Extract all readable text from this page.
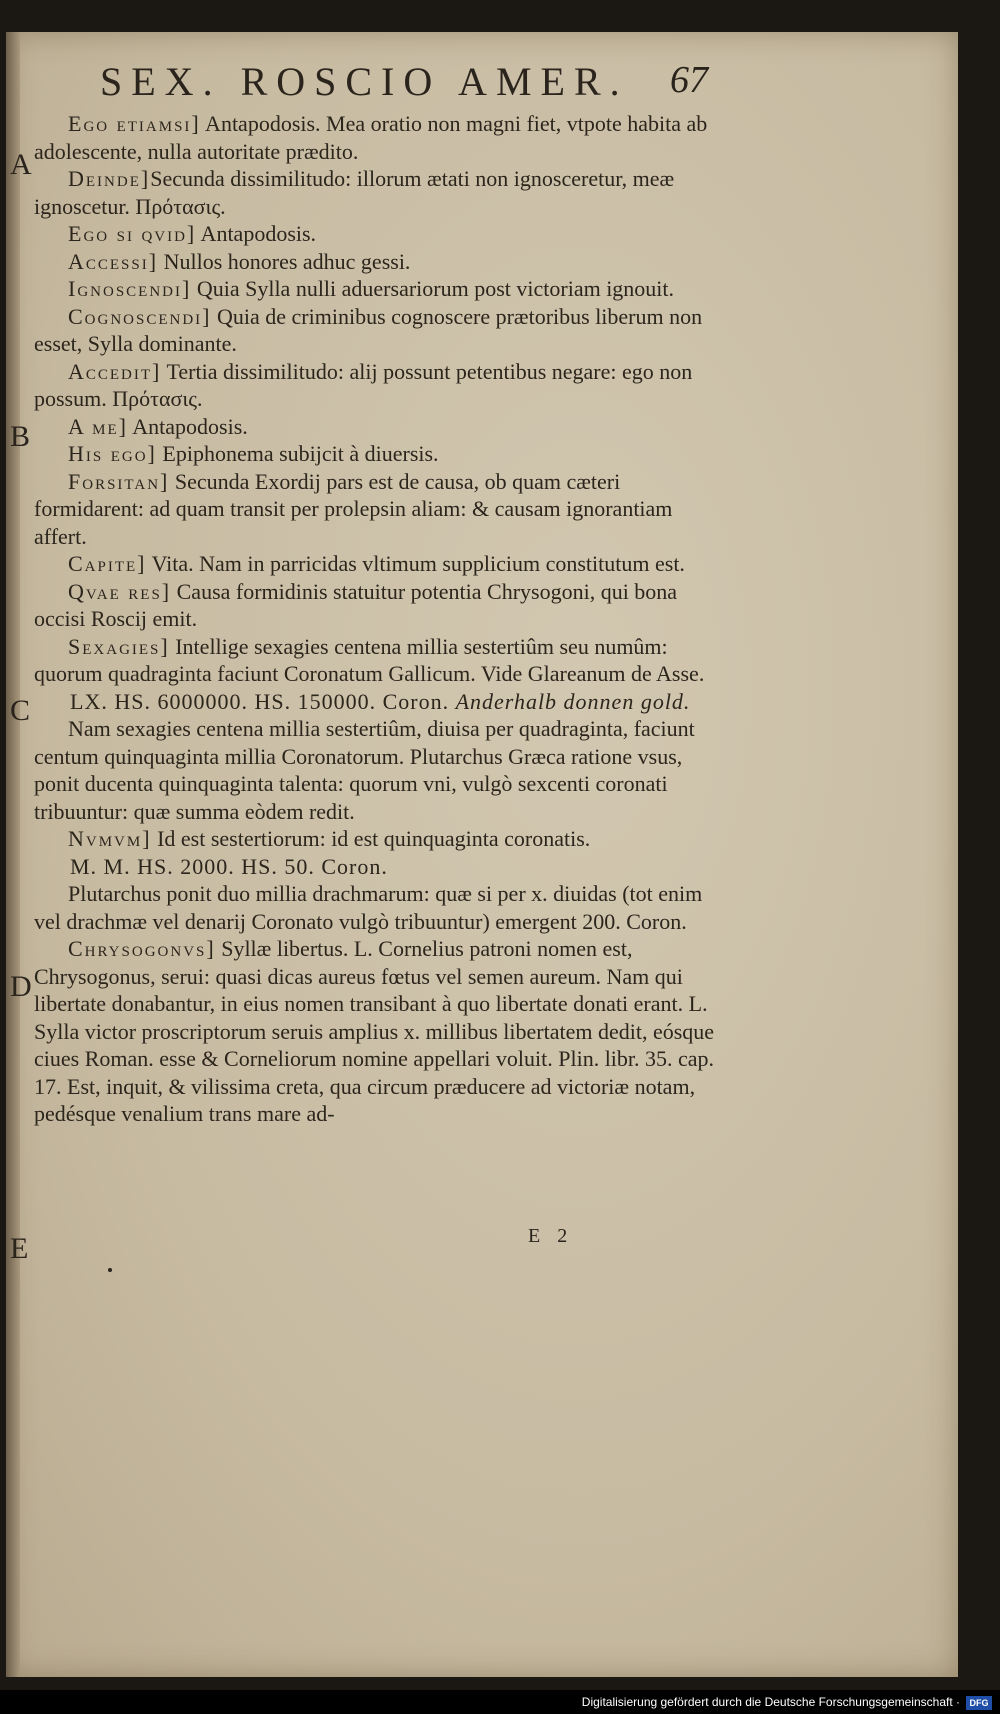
SEX. ROSCIO AMER.	67
A
B
C
D
E

Ego etiamsi] Antapodosis. Mea oratio non magni fiet, vtpote habita ab adolescente, nulla autoritate prædito.

Deinde]Secunda dissimilitudo: illorum ætati non ignosceretur, meæ ignoscetur. Πρότασις.

Ego si qvid] Antapodosis.

Accessi] Nullos honores adhuc gessi.

Ignoscendi] Quia Sylla nulli aduersariorum post victoriam ignouit.

Cognoscendi] Quia de criminibus cognoscere prætoribus liberum non esset, Sylla dominante.

Accedit] Tertia dissimilitudo: alij possunt petentibus negare: ego non possum. Πρότασις.

A me] Antapodosis.

His ego] Epiphonema subijcit à diuersis.

Forsitan] Secunda Exordij pars est de causa, ob quam cæteri formidarent: ad quam transit per prolepsin aliam: & causam ignorantiam affert.

Capite] Vita. Nam in parricidas vltimum supplicium constitutum est.

Qvae res] Causa formidinis statuitur potentia Chrysogoni, qui bona occisi Roscij emit.

Sexagies] Intellige sexagies centena millia sestertiûm seu numûm: quorum quadraginta faciunt Coronatum Gallicum. Vide Glareanum de Asse.

LX. HS. 6000000. HS. 150000. Coron. Anderhalb donnen gold.

Nam sexagies centena millia sestertiûm, diuisa per quadraginta, faciunt centum quinquaginta millia Coronatorum. Plutarchus Græca ratione vsus, ponit ducenta quinquaginta talenta: quorum vni, vulgò sexcenti coronati tribuuntur: quæ summa eòdem redit.

Nvmvm] Id est sestertiorum: id est quinquaginta coronatis.

M. M. HS. 2000. HS. 50. Coron.

Plutarchus ponit duo millia drachmarum: quæ si per x. diuidas (tot enim vel drachmæ vel denarij Coronato vulgò tribuuntur) emergent 200. Coron.

Chrysogonvs] Syllæ libertus. L. Cornelius patroni nomen est, Chrysogonus, serui: quasi dicas aureus fœtus vel semen aureum. Nam qui libertate donabantur, in eius nomen transibant à quo libertate donati erant. L. Sylla victor proscriptorum seruis amplius x. millibus libertatem dedit, eósque ciues Roman. esse & Corneliorum nomine appellari voluit. Plin. libr. 35. cap. 17. Est, inquit, & vilissima creta, qua circum præducere ad victoriæ notam, pedésque venalium trans mare ad-

E 2
Digitalisierung gefördert durch die Deutsche Forschungsgemeinschaft ·	DFG
